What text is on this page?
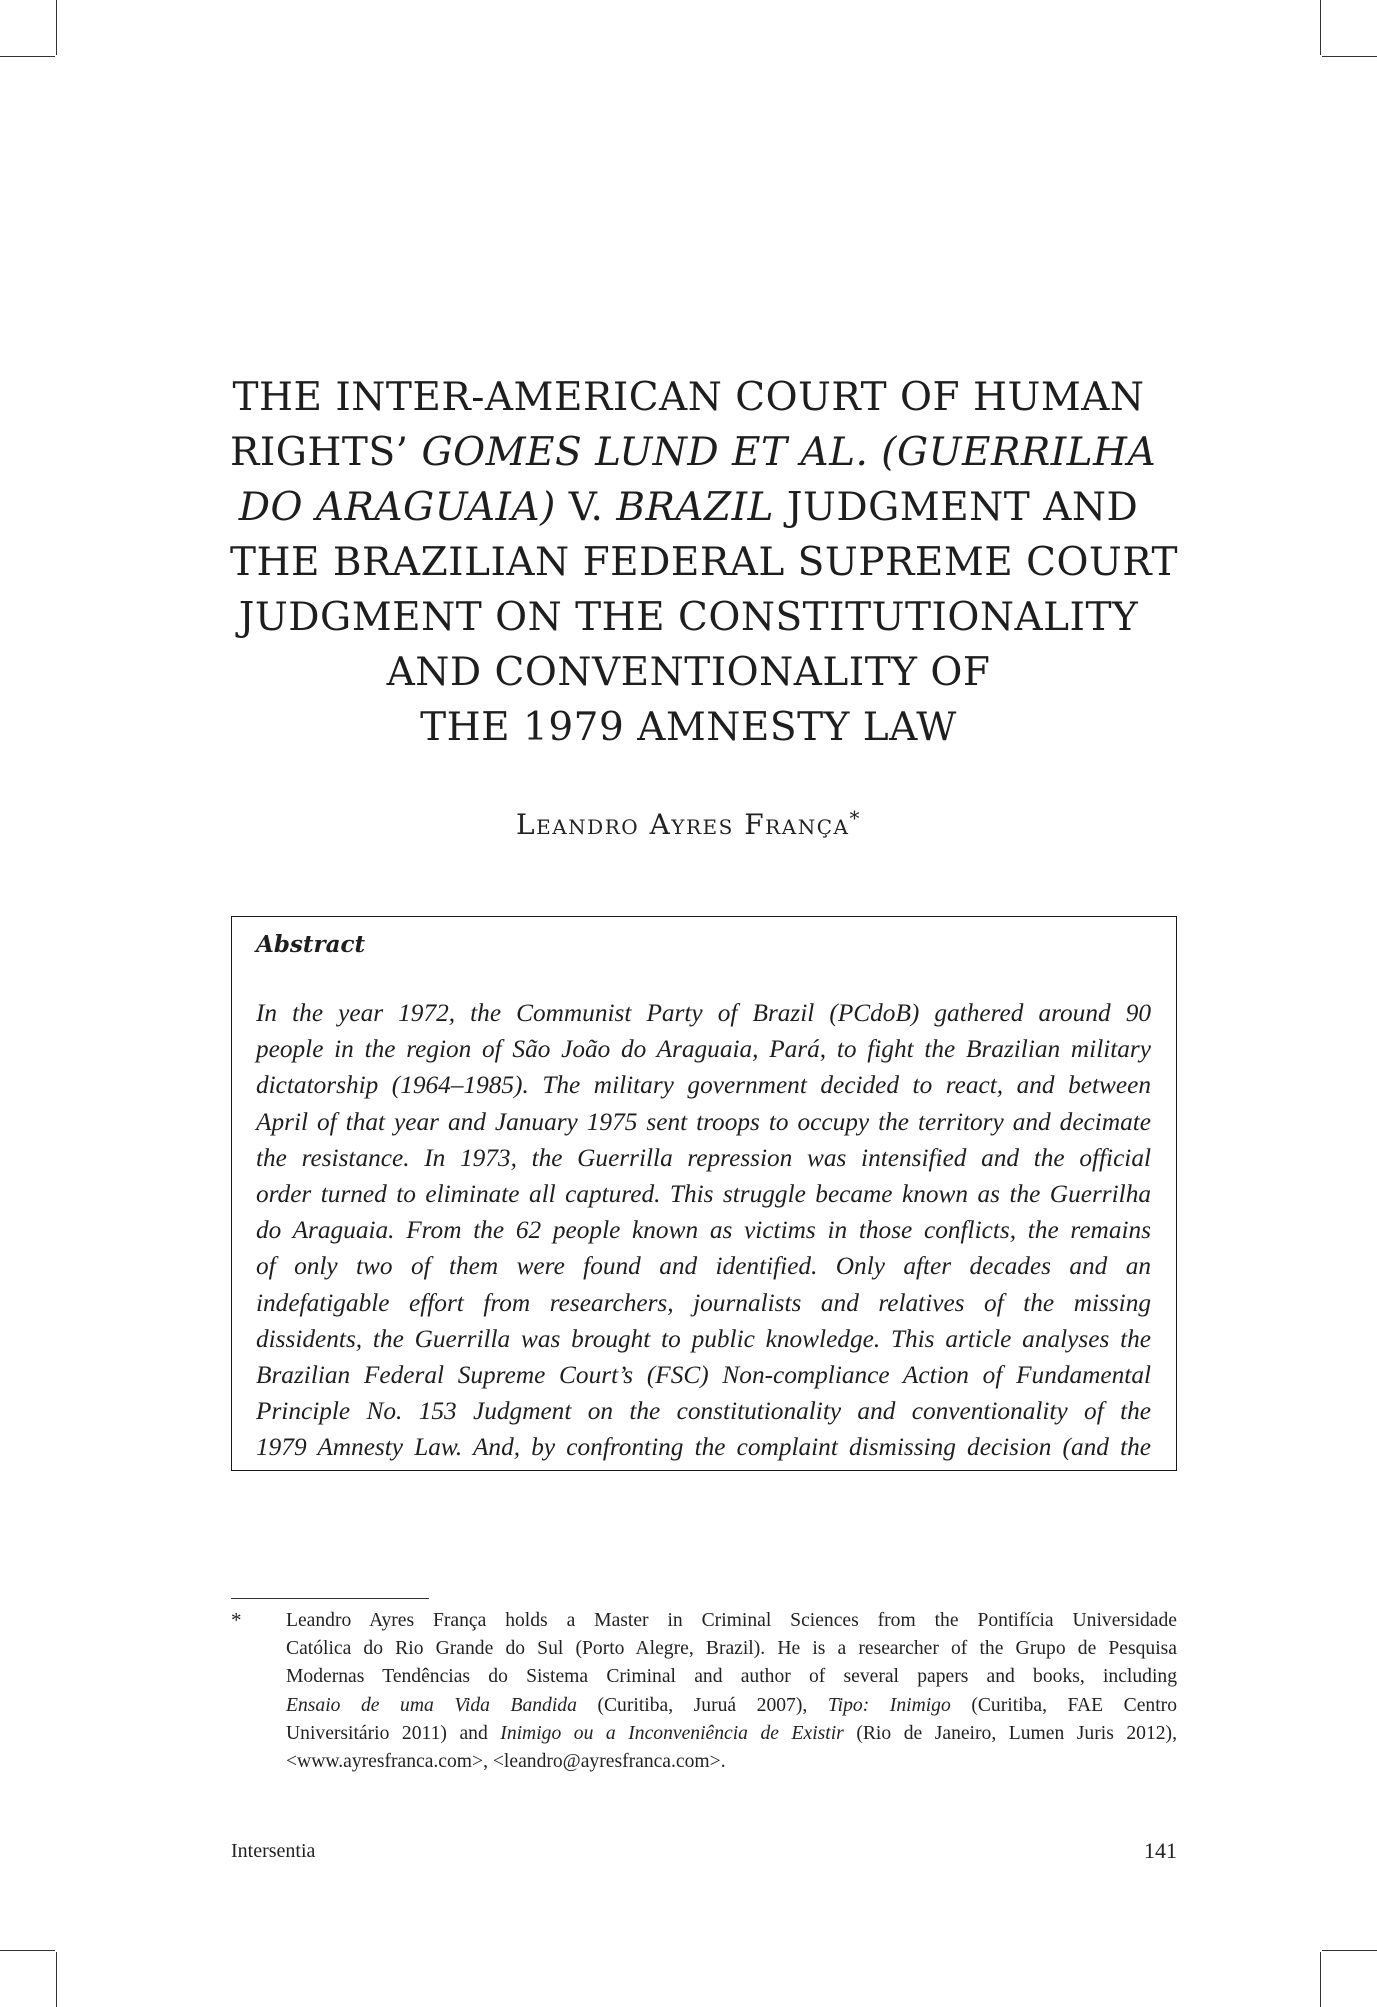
THE INTER-AMERICAN COURT OF HUMAN
RIGHTS’ GOMES LUND ET AL. (GUERRILHA
DO ARAGUAIA) V. BRAZIL JUDGMENT AND
THE BRAZILIAN FEDERAL SUPREME COURT
JUDGMENT ON THE CONSTITUTIONALITY
AND CONVENTIONALITY OF
THE 1979 AMNESTY LAW
Leandro Ayres França*
Abstract

In the year 1972, the Communist Party of Brazil (PCdoB) gathered around 90
people in the region of São João do Araguaia, Pará, to fight the Brazilian military
dictatorship (1964–1985). The military government decided to react, and between
April of that year and January 1975 sent troops to occupy the territory and decimate
the resistance. In 1973, the Guerrilla repression was intensified and the official
order turned to eliminate all captured. This struggle became known as the Guerrilha
do Araguaia. From the 62 people known as victims in those conflicts, the remains
of only two of them were found and identified. Only after decades and an
indefatigable effort from researchers, journalists and relatives of the missing
dissidents, the Guerrilla was brought to public knowledge. This article analyses the
Brazilian Federal Supreme Court’s (FSC) Non-compliance Action of Fundamental
Principle No. 153 Judgment on the constitutionality and conventionality of the
1979 Amnesty Law. And, by confronting the complaint dismissing decision (and the

* Leandro Ayres França holds a Master in Criminal Sciences from the Pontifícia Universidade
Católica do Rio Grande do Sul (Porto Alegre, Brazil). He is a researcher of the Grupo de Pesquisa
Modernas Tendências do Sistema Criminal and author of several papers and books, including
Ensaio de uma Vida Bandida (Curitiba, Juruá 2007), Tipo: Inimigo (Curitiba, FAE Centro
Universitário 2011) and Inimigo ou a Inconveniência de Existir (Rio de Janeiro, Lumen Juris 2012),
<www.ayresfranca.com>, <leandro@ayresfranca.com>.

Intersentia	141
